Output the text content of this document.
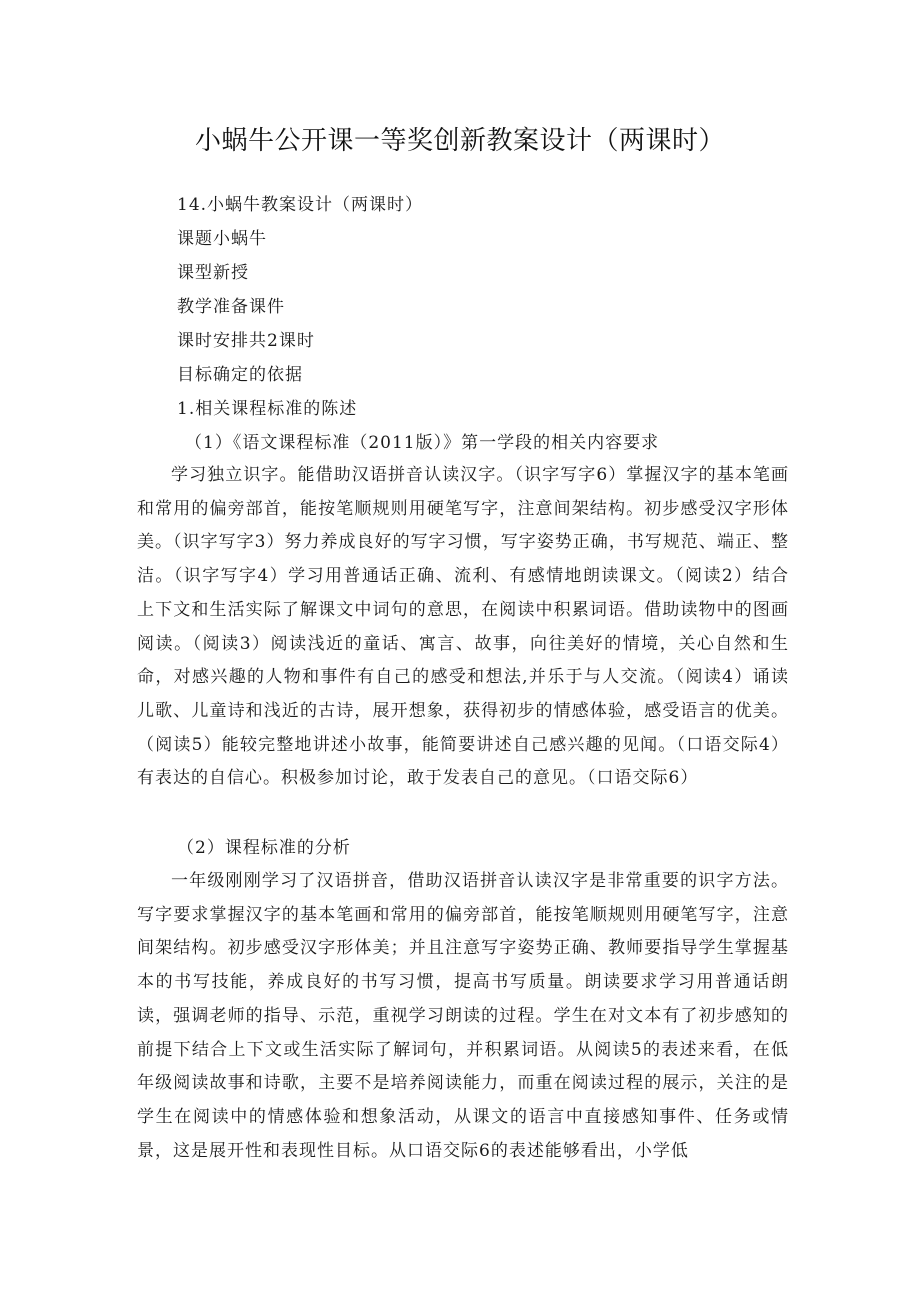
小蜗牛公开课一等奖创新教案设计（两课时）

14.小蜗牛教案设计（两课时）

课题小蜗牛

课型新授

教学准备课件

课时安排共2课时

目标确定的依据

1.相关课程标准的陈述

（1）《语文课程标准（2011版）》第一学段的相关内容要求

学习独立识字。能借助汉语拼音认读汉字。（识字写字6）掌握汉字的基本笔画和常用的偏旁部首，能按笔顺规则用硬笔写字，注意间架结构。初步感受汉字形体美。（识字写字3）努力养成良好的写字习惯，写字姿势正确，书写规范、端正、整洁。（识字写字4）学习用普通话正确、流利、有感情地朗读课文。（阅读2）结合上下文和生活实际了解课文中词句的意思，在阅读中积累词语。借助读物中的图画阅读。（阅读3）阅读浅近的童话、寓言、故事，向往美好的情境，关心自然和生命，对感兴趣的人物和事件有自己的感受和想法,并乐于与人交流。（阅读4）诵读儿歌、儿童诗和浅近的古诗，展开想象，获得初步的情感体验，感受语言的优美。（阅读5）能较完整地讲述小故事，能简要讲述自己感兴趣的见闻。（口语交际4）有表达的自信心。积极参加讨论，敢于发表自己的意见。（口语交际6）

（2）课程标准的分析

一年级刚刚学习了汉语拼音，借助汉语拼音认读汉字是非常重要的识字方法。写字要求掌握汉字的基本笔画和常用的偏旁部首，能按笔顺规则用硬笔写字，注意间架结构。初步感受汉字形体美；并且注意写字姿势正确、教师要指导学生掌握基本的书写技能，养成良好的书写习惯，提高书写质量。朗读要求学习用普通话朗读，强调老师的指导、示范，重视学习朗读的过程。学生在对文本有了初步感知的前提下结合上下文或生活实际了解词句，并积累词语。从阅读5的表述来看，在低年级阅读故事和诗歌，主要不是培养阅读能力，而重在阅读过程的展示，关注的是学生在阅读中的情感体验和想象活动，从课文的语言中直接感知事件、任务或情景，这是展开性和表现性目标。从口语交际6的表述能够看出，小学低
